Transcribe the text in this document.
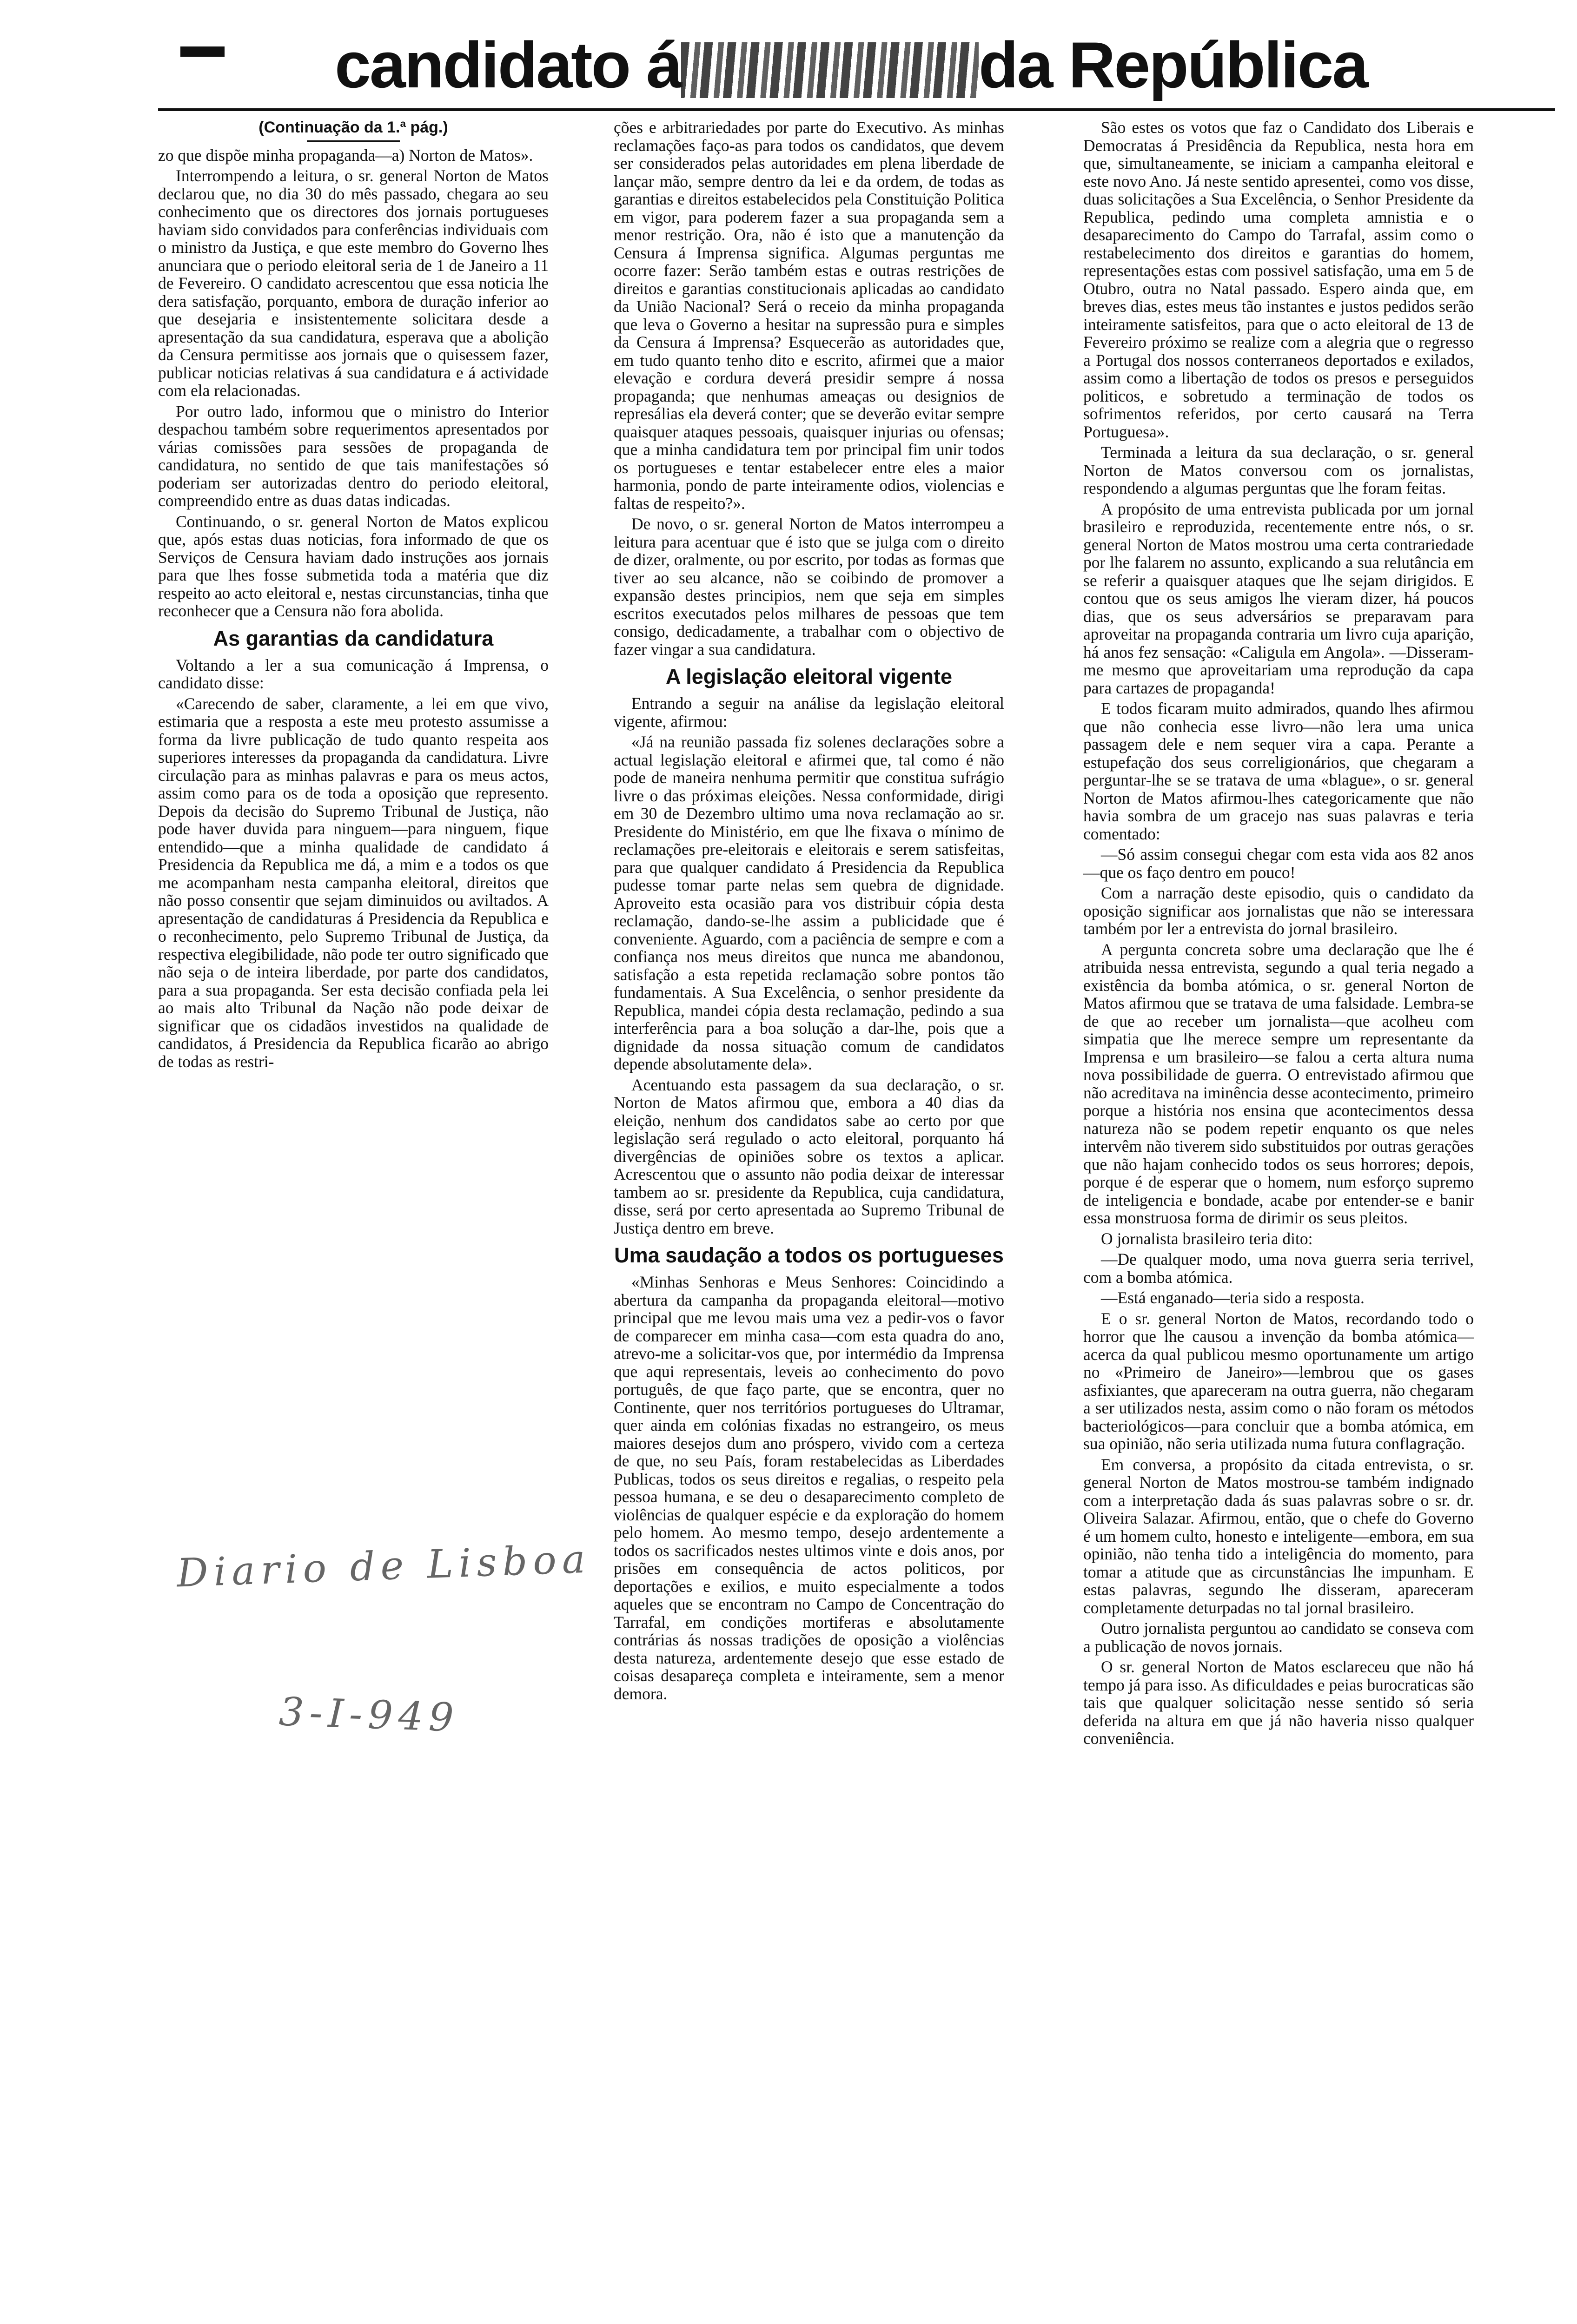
candidato á	da República
(Continuação da 1.ª pág.)

zo que dispõe minha propaganda—a) Norton de Matos».

Interrompendo a leitura, o sr. general Norton de Matos declarou que, no dia 30 do mês passado, chegara ao seu conhecimento que os directores dos jornais portugueses haviam sido convidados para conferências individuais com o ministro da Justiça, e que este membro do Governo lhes anunciara que o periodo eleitoral seria de 1 de Janeiro a 11 de Fevereiro. O candidato acrescentou que essa noticia lhe dera satisfação, porquanto, embora de duração inferior ao que desejaria e insistentemente solicitara desde a apresentação da sua candidatura, esperava que a abolição da Censura permitisse aos jornais que o quisessem fazer, publicar noticias relativas á sua candidatura e á actividade com ela relacionadas.

Por outro lado, informou que o ministro do Interior despachou também sobre requerimentos apresentados por várias comissões para sessões de propaganda de candidatura, no sentido de que tais manifestações só poderiam ser autorizadas dentro do periodo eleitoral, compreendido entre as duas datas indicadas.

Continuando, o sr. general Norton de Matos explicou que, após estas duas noticias, fora informado de que os Serviços de Censura haviam dado instruções aos jornais para que lhes fosse submetida toda a matéria que diz respeito ao acto eleitoral e, nestas circunstancias, tinha que reconhecer que a Censura não fora abolida.

As garantias da candidatura

Voltando a ler a sua comunicação á Imprensa, o candidato disse:

«Carecendo de saber, claramente, a lei em que vivo, estimaria que a resposta a este meu protesto assumisse a forma da livre publicação de tudo quanto respeita aos superiores interesses da propaganda da candidatura. Livre circulação para as minhas palavras e para os meus actos, assim como para os de toda a oposição que represento. Depois da decisão do Supremo Tribunal de Justiça, não pode haver duvida para ninguem—para ninguem, fique entendido—que a minha qualidade de candidato á Presidencia da Republica me dá, a mim e a todos os que me acompanham nesta campanha eleitoral, direitos que não posso consentir que sejam diminuidos ou aviltados. A apresentação de candidaturas á Presidencia da Republica e o reconhecimento, pelo Supremo Tribunal de Justiça, da respectiva elegibilidade, não pode ter outro significado que não seja o de inteira liberdade, por parte dos candidatos, para a sua propaganda. Ser esta decisão confiada pela lei ao mais alto Tribunal da Nação não pode deixar de significar que os cidadãos investidos na qualidade de candidatos, á Presidencia da Republica ficarão ao abrigo de todas as restri-

ções e arbitrariedades por parte do Executivo. As minhas reclamações faço-as para todos os candidatos, que devem ser considerados pelas autoridades em plena liberdade de lançar mão, sempre dentro da lei e da ordem, de todas as garantias e direitos estabelecidos pela Constituição Politica em vigor, para poderem fazer a sua propaganda sem a menor restrição. Ora, não é isto que a manutenção da Censura á Imprensa significa. Algumas perguntas me ocorre fazer: Serão também estas e outras restrições de direitos e garantias constitucionais aplicadas ao candidato da União Nacional? Será o receio da minha propaganda que leva o Governo a hesitar na supressão pura e simples da Censura á Imprensa? Esquecerão as autoridades que, em tudo quanto tenho dito e escrito, afirmei que a maior elevação e cordura deverá presidir sempre á nossa propaganda; que nenhumas ameaças ou designios de represálias ela deverá conter; que se deverão evitar sempre quaisquer ataques pessoais, quaisquer injurias ou ofensas; que a minha candidatura tem por principal fim unir todos os portugueses e tentar estabelecer entre eles a maior harmonia, pondo de parte inteiramente odios, violencias e faltas de respeito?».

De novo, o sr. general Norton de Matos interrompeu a leitura para acentuar que é isto que se julga com o direito de dizer, oralmente, ou por escrito, por todas as formas que tiver ao seu alcance, não se coibindo de promover a expansão destes principios, nem que seja em simples escritos executados pelos milhares de pessoas que tem consigo, dedicadamente, a trabalhar com o objectivo de fazer vingar a sua candidatura.

A legislação eleitoral vigente

Entrando a seguir na análise da legislação eleitoral vigente, afirmou:

«Já na reunião passada fiz solenes declarações sobre a actual legislação eleitoral e afirmei que, tal como é não pode de maneira nenhuma permitir que constitua sufrágio livre o das próximas eleições. Nessa conformidade, dirigi em 30 de Dezembro ultimo uma nova reclamação ao sr. Presidente do Ministério, em que lhe fixava o mínimo de reclamações pre-eleitorais e eleitorais e serem satisfeitas, para que qualquer candidato á Presidencia da Republica pudesse tomar parte nelas sem quebra de dignidade. Aproveito esta ocasião para vos distribuir cópia desta reclamação, dando-se-lhe assim a publicidade que é conveniente. Aguardo, com a paciência de sempre e com a confiança nos meus direitos que nunca me abandonou, satisfação a esta repetida reclamação sobre pontos tão fundamentais. A Sua Excelência, o senhor presidente da Republica, mandei cópia desta reclamação, pedindo a sua interferência para a boa solução a dar-lhe, pois que a dignidade da nossa situação comum de candidatos depende absolutamente dela».

Acentuando esta passagem da sua declaração, o sr. Norton de Matos afirmou que, embora a 40 dias da eleição, nenhum dos candidatos sabe ao certo por que legislação será regulado o acto eleitoral, porquanto há divergências de opiniões sobre os textos a aplicar. Acrescentou que o assunto não podia deixar de interessar tambem ao sr. presidente da Republica, cuja candidatura, disse, será por certo apresentada ao Supremo Tribunal de Justiça dentro em breve.

Uma saudação a todos os portugueses

«Minhas Senhoras e Meus Senhores: Coincidindo a abertura da campanha da propaganda eleitoral—motivo principal que me levou mais uma vez a pedir-vos o favor de comparecer em minha casa—com esta quadra do ano, atrevo-me a solicitar-vos que, por intermédio da Imprensa que aqui representais, leveis ao conhecimento do povo português, de que faço parte, que se encontra, quer no Continente, quer nos territórios portugueses do Ultramar, quer ainda em colónias fixadas no estrangeiro, os meus maiores desejos dum ano próspero, vivido com a certeza de que, no seu País, foram restabelecidas as Liberdades Publicas, todos os seus direitos e regalias, o respeito pela pessoa humana, e se deu o desaparecimento completo de violências de qualquer espécie e da exploração do homem pelo homem. Ao mesmo tempo, desejo ardentemente a todos os sacrificados nestes ultimos vinte e dois anos, por prisões em consequência de actos politicos, por deportações e exilios, e muito especialmente a todos aqueles que se encontram no Campo de Concentração do Tarrafal, em condições mortiferas e absolutamente contrárias ás nossas tradições de oposição a violências desta natureza, ardentemente desejo que esse estado de coisas desapareça completa e inteiramente, sem a menor demora.

São estes os votos que faz o Candidato dos Liberais e Democratas á Presidência da Republica, nesta hora em que, simultaneamente, se iniciam a campanha eleitoral e este novo Ano. Já neste sentido apresentei, como vos disse, duas solicitações a Sua Excelência, o Senhor Presidente da Republica, pedindo uma completa amnistia e o desaparecimento do Campo do Tarrafal, assim como o restabelecimento dos direitos e garantias do homem, representações estas com possivel satisfação, uma em 5 de Otubro, outra no Natal passado. Espero ainda que, em breves dias, estes meus tão instantes e justos pedidos serão inteiramente satisfeitos, para que o acto eleitoral de 13 de Fevereiro próximo se realize com a alegria que o regresso a Portugal dos nossos conterraneos deportados e exilados, assim como a libertação de todos os presos e perseguidos politicos, e sobretudo a terminação de todos os sofrimentos referidos, por certo causará na Terra Portuguesa».

Terminada a leitura da sua declaração, o sr. general Norton de Matos conversou com os jornalistas, respondendo a algumas perguntas que lhe foram feitas.

A propósito de uma entrevista publicada por um jornal brasileiro e reproduzida, recentemente entre nós, o sr. general Norton de Matos mostrou uma certa contrariedade por lhe falarem no assunto, explicando a sua relutância em se referir a quaisquer ataques que lhe sejam dirigidos. E contou que os seus amigos lhe vieram dizer, há poucos dias, que os seus adversários se preparavam para aproveitar na propaganda contraria um livro cuja aparição, há anos fez sensação: «Caligula em Angola». —Disseram-me mesmo que aproveitariam uma reprodução da capa para cartazes de propaganda!

E todos ficaram muito admirados, quando lhes afirmou que não conhecia esse livro—não lera uma unica passagem dele e nem sequer vira a capa. Perante a estupefação dos seus correligionários, que chegaram a perguntar-lhe se se tratava de uma «blague», o sr. general Norton de Matos afirmou-lhes categoricamente que não havia sombra de um gracejo nas suas palavras e teria comentado:

—Só assim consegui chegar com esta vida aos 82 anos—que os faço dentro em pouco!

Com a narração deste episodio, quis o candidato da oposição significar aos jornalistas que não se interessara também por ler a entrevista do jornal brasileiro.

A pergunta concreta sobre uma declaração que lhe é atribuida nessa entrevista, segundo a qual teria negado a existência da bomba atómica, o sr. general Norton de Matos afirmou que se tratava de uma falsidade. Lembra-se de que ao receber um jornalista—que acolheu com simpatia que lhe merece sempre um representante da Imprensa e um brasileiro—se falou a certa altura numa nova possibilidade de guerra. O entrevistado afirmou que não acreditava na iminência desse acontecimento, primeiro porque a história nos ensina que acontecimentos dessa natureza não se podem repetir enquanto os que neles intervêm não tiverem sido substituidos por outras gerações que não hajam conhecido todos os seus horrores; depois, porque é de esperar que o homem, num esforço supremo de inteligencia e bondade, acabe por entender-se e banir essa monstruosa forma de dirimir os seus pleitos.

O jornalista brasileiro teria dito:

—De qualquer modo, uma nova guerra seria terrivel, com a bomba atómica.

—Está enganado—teria sido a resposta.

E o sr. general Norton de Matos, recordando todo o horror que lhe causou a invenção da bomba atómica—acerca da qual publicou mesmo oportunamente um artigo no «Primeiro de Janeiro»—lembrou que os gases asfixiantes, que apareceram na outra guerra, não chegaram a ser utilizados nesta, assim como o não foram os métodos bacteriológicos—para concluir que a bomba atómica, em sua opinião, não seria utilizada numa futura conflagração.

Em conversa, a propósito da citada entrevista, o sr. general Norton de Matos mostrou-se também indignado com a interpretação dada ás suas palavras sobre o sr. dr. Oliveira Salazar. Afirmou, então, que o chefe do Governo é um homem culto, honesto e inteligente—embora, em sua opinião, não tenha tido a inteligência do momento, para tomar a atitude que as circunstâncias lhe impunham. E estas palavras, segundo lhe disseram, apareceram completamente deturpadas no tal jornal brasileiro.

Outro jornalista perguntou ao candidato se conseva com a publicação de novos jornais.

O sr. general Norton de Matos esclareceu que não há tempo já para isso. As dificuldades e peias burocraticas são tais que qualquer solicitação nesse sentido só seria deferida na altura em que já não haveria nisso qualquer conveniência.

Diario de Lisboa
3-I-949
